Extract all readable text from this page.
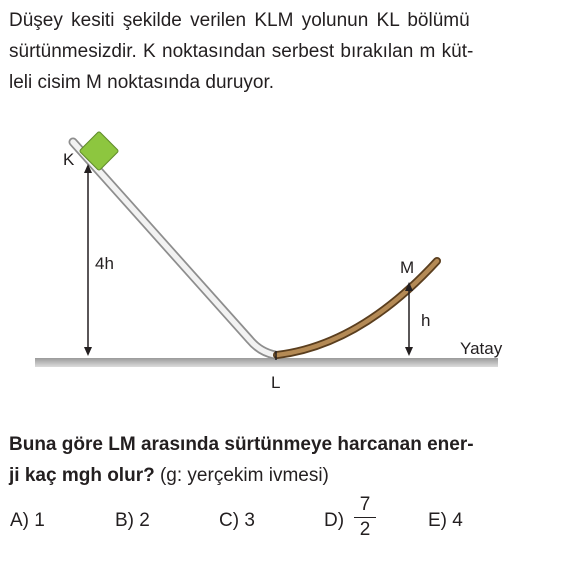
Düşey kesiti şekilde verilen KLM yolunun KL bölümü
sürtünmesizdir. K noktasından serbest bırakılan m küt-
leli cisim M noktasında duruyor.
K
4h	M
h
Yatay
L
Buna göre LM arasında sürtünmeye harcanan ener-
ji kaç mgh olur? (g: yerçekim ivmesi)
A) 1	B) 2	C) 3	D)
7
2	E) 4
